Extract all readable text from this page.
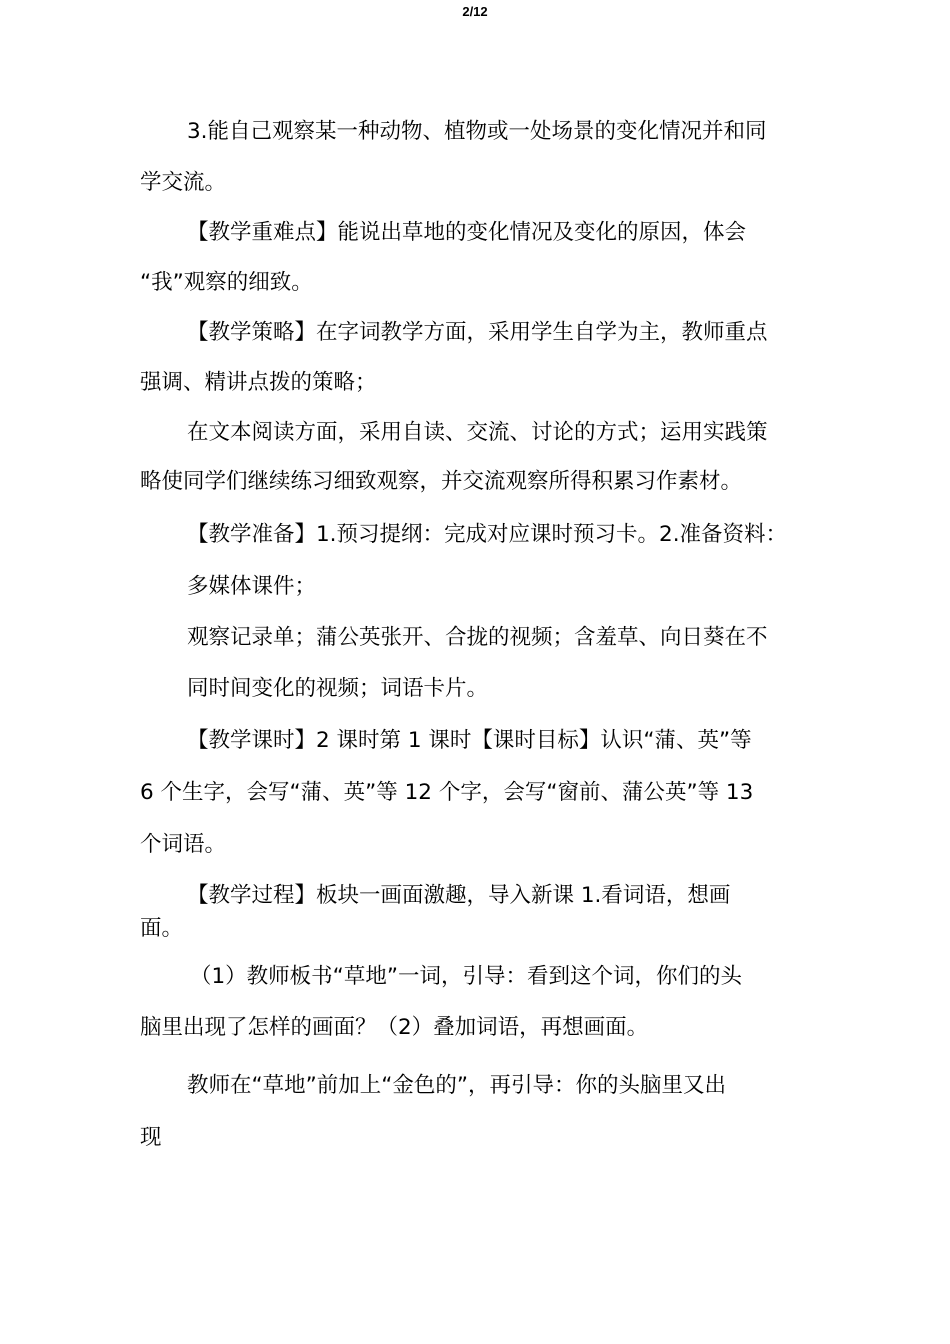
2/12
3.能自己观察某一种动物、植物或一处场景的变化情况并和同
学交流。
【教学重难点】能说出草地的变化情况及变化的原因，体会
“我”观察的细致。
【教学策略】在字词教学方面，采用学生自学为主，教师重点
强调、精讲点拨的策略；
在文本阅读方面，采用自读、交流、讨论的方式；运用实践策
略使同学们继续练习细致观察，并交流观察所得积累习作素材。
【教学准备】1.预习提纲：完成对应课时预习卡。2.准备资料：
多媒体课件；
观察记录单；蒲公英张开、合拢的视频；含羞草、向日葵在不
同时间变化的视频；词语卡片。
【教学课时】2 课时第 1 课时【课时目标】认识“蒲、英”等
6 个生字，会写“蒲、英”等 12 个字，会写“窗前、蒲公英”等 13
个词语。
【教学过程】板块一画面激趣，导入新课 1.看词语，想画
面。
（1）教师板书“草地”一词，引导：看到这个词，你们的头
脑里出现了怎样的画面？（2）叠加词语，再想画面。
教师在“草地”前加上“金色的”，再引导：你的头脑里又出
现
